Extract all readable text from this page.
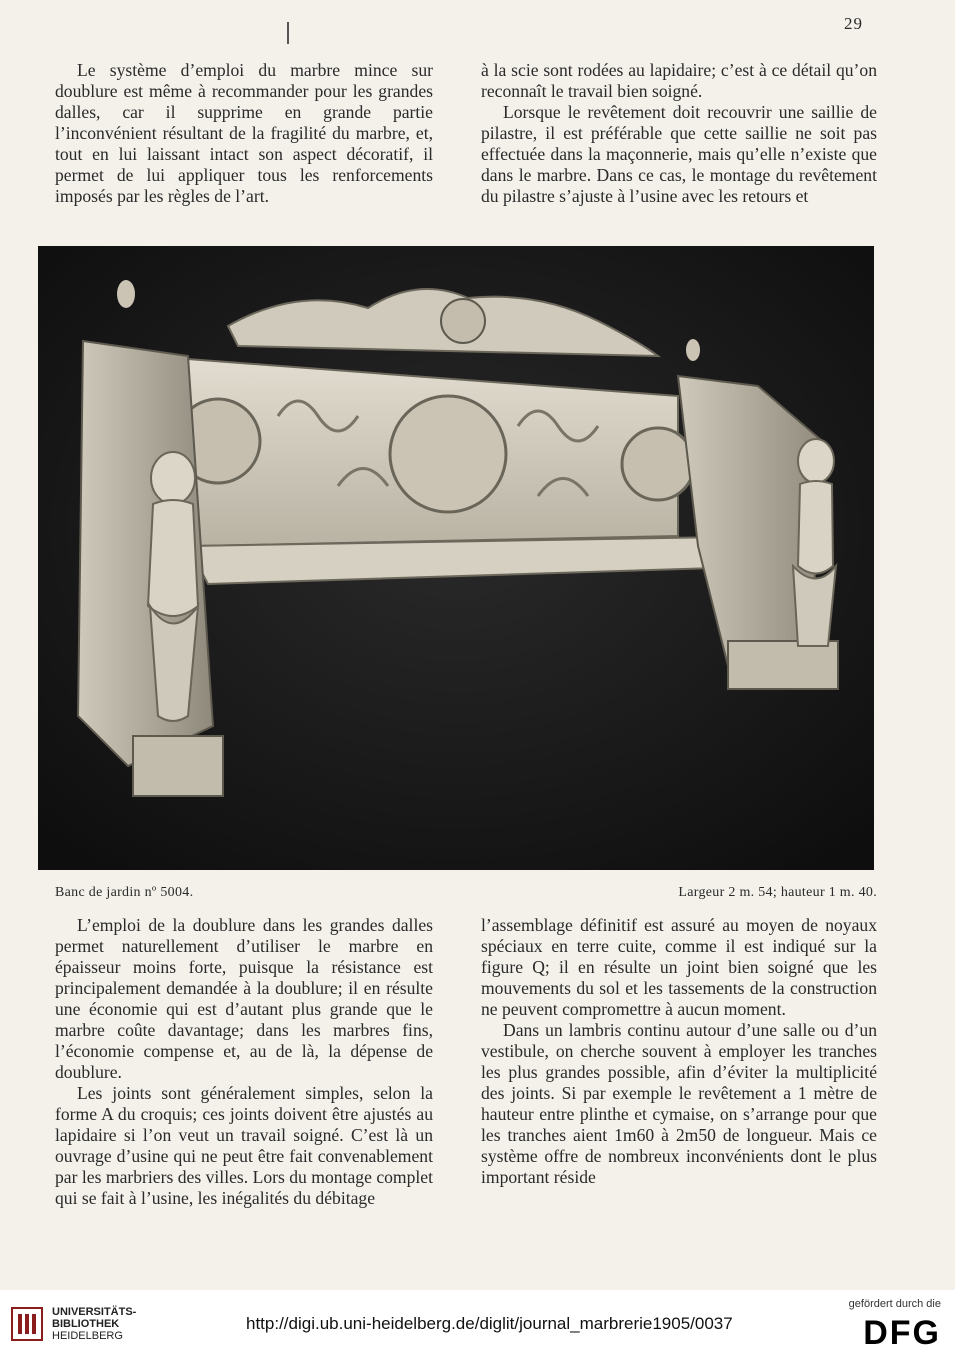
29

Le système d’emploi du marbre mince sur doublure est même à recommander pour les grandes dalles, car il supprime en grande partie l’inconvénient résultant de la fragilité du marbre, et, tout en lui laissant intact son aspect décoratif, il permet de lui appliquer tous les renforcements imposés par les règles de l’art.

à la scie sont rodées au lapidaire; c’est à ce détail qu’on reconnaît le travail bien soigné.

Lorsque le revêtement doit recouvrir une saillie de pilastre, il est préférable que cette saillie ne soit pas effectuée dans la maçonnerie, mais qu’elle n’existe que dans le marbre. Dans ce cas, le montage du revêtement du pilastre s’ajuste à l’usine avec les retours et

Banc de jardin nº 5004.	Largeur 2 m. 54; hauteur 1 m. 40.

L’emploi de la doublure dans les grandes dalles permet naturellement d’utiliser le marbre en épaisseur moins forte, puisque la résistance est principalement demandée à la doublure; il en résulte une économie qui est d’autant plus grande que le marbre coûte davantage; dans les marbres fins, l’économie compense et, au de là, la dépense de doublure.

Les joints sont généralement simples, selon la forme A du croquis; ces joints doivent être ajustés au lapidaire si l’on veut un travail soigné. C’est là un ouvrage d’usine qui ne peut être fait convenablement par les marbriers des villes. Lors du montage complet qui se fait à l’usine, les inégalités du débitage

l’assemblage définitif est assuré au moyen de noyaux spéciaux en terre cuite, comme il est indiqué sur la figure Q; il en résulte un joint bien soigné que les mouvements du sol et les tassements de la construction ne peuvent compromettre à aucun moment.

Dans un lambris continu autour d’une salle ou d’un vestibule, on cherche souvent à employer les tranches les plus grandes possible, afin d’éviter la multiplicité des joints. Si par exemple le revêtement a 1 mètre de hauteur entre plinthe et cymaise, on s’arrange pour que les tranches aient 1m60 à 2m50 de longueur. Mais ce système offre de nombreux inconvénients dont le plus important réside

UNIVERSITÄTS-
BIBLIOTHEK
HEIDELBERG
http://digi.ub.uni-heidelberg.de/diglit/journal_marbrerie1905/0037
gefördert durch die
DFG
